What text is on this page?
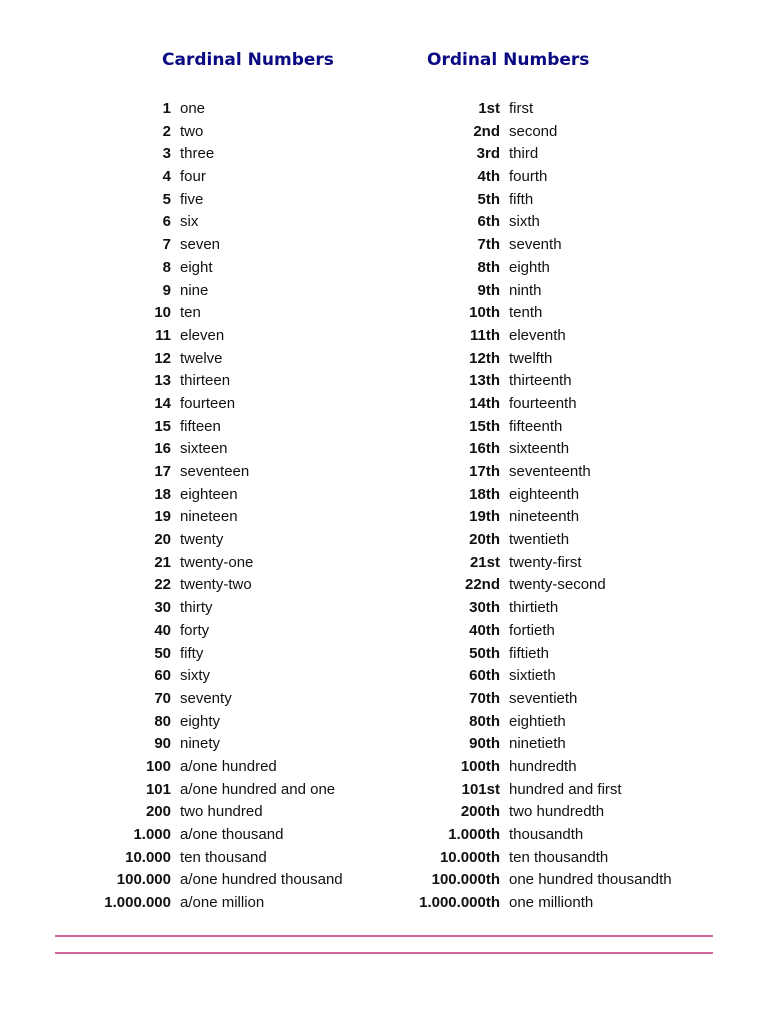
Cardinal Numbers	Ordinal Numbers
1 one
2 two
3 three
4 four
5 five
6 six
7 seven
8 eight
9 nine
10 ten
11 eleven
12 twelve
13 thirteen
14 fourteen
15 fifteen
16 sixteen
17 seventeen
18 eighteen
19 nineteen
20 twenty
21 twenty-one
22 twenty-two
30 thirty
40 forty
50 fifty
60 sixty
70 seventy
80 eighty
90 ninety
100 a/one hundred
101 a/one hundred and one
200 two hundred
1.000 a/one thousand
10.000 ten thousand
100.000 a/one hundred thousand
1.000.000 a/one million
1st first
2nd second
3rd third
4th fourth
5th fifth
6th sixth
7th seventh
8th eighth
9th ninth
10th tenth
11th eleventh
12th twelfth
13th thirteenth
14th fourteenth
15th fifteenth
16th sixteenth
17th seventeenth
18th eighteenth
19th nineteenth
20th twentieth
21st twenty-first
22nd twenty-second
30th thirtieth
40th fortieth
50th fiftieth
60th sixtieth
70th seventieth
80th eightieth
90th ninetieth
100th hundredth
101st hundred and first
200th two hundredth
1.000th thousandth
10.000th ten thousandth
100.000th one hundred thousandth
1.000.000th one millionth
